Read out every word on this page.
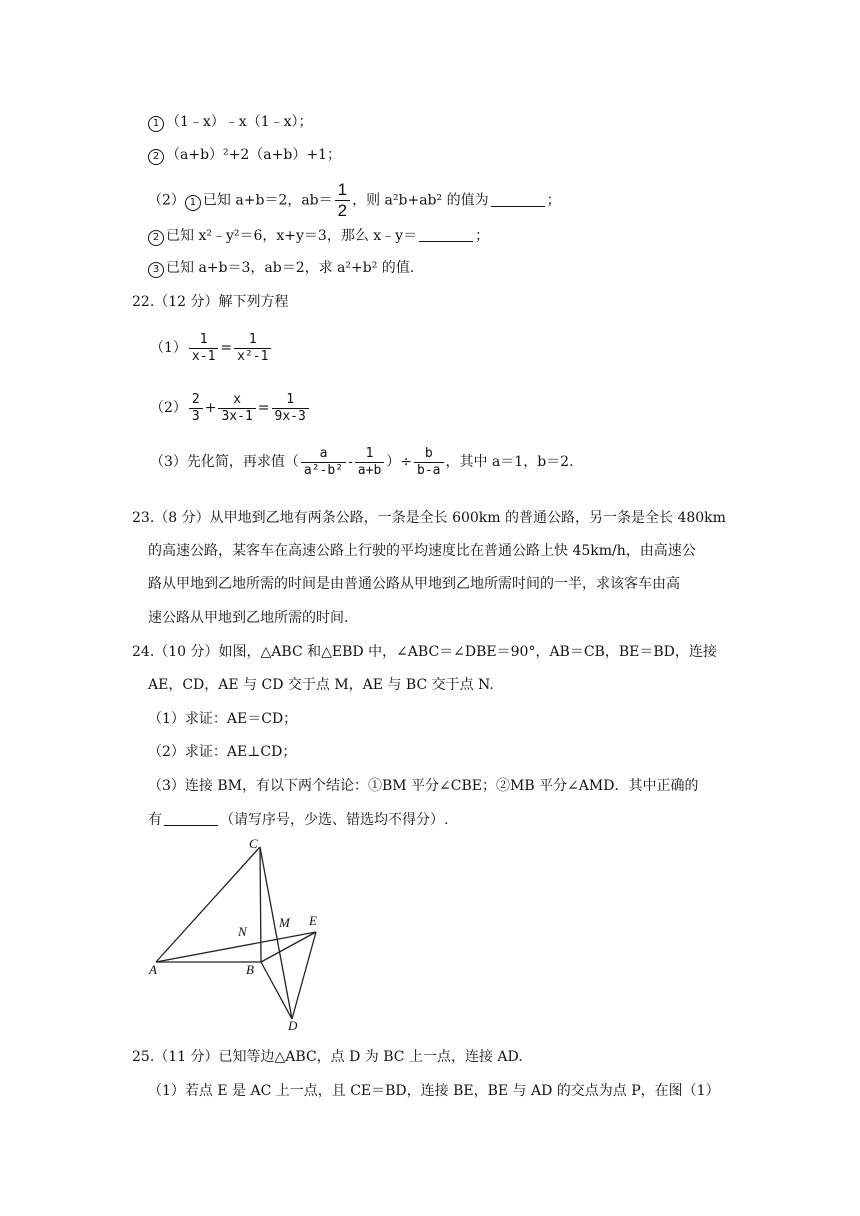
1 （1﹣x）﹣x（1﹣x）；
2 （a+b）²+2（a+b）+1；
（2） 1 已知 a+b＝2，$ab= \frac{1}{2}$ ，则 a²b+ab² 的值为	；
2 已知 x²﹣y²＝6，x+y＝3，那么 x﹣y＝	；
3 已知 a+b＝3，ab＝2，求 a²+b² 的值.
22.（12 分）解下列方程
$(1) \frac{1}{x-1} = \frac{1}{\text{x²-1}}$
$(2) \frac{2}{3} + \frac{x}{3x-1} = \frac{1}{9x-3}$
（3）先化简，再求值（ $\frac{a}{\text{a²-b²}} - \frac{1}{a+b}$ ）÷ $\frac{b}{b-a}$ ，其中 a＝1，b＝2.
23.（8 分）从甲地到乙地有两条公路，一条是全长 600km 的普通公路，另一条是全长 480km
的高速公路，某客车在高速公路上行驶的平均速度比在普通公路上快 45km/h，由高速公
路从甲地到乙地所需的时间是由普通公路从甲地到乙地所需时间的一半，求该客车由高
速公路从甲地到乙地所需的时间.
24.（10 分）如图，△ABC 和△EBD 中，∠ABC＝∠DBE＝90°，AB＝CB，BE＝BD，连接
AE，CD，AE 与 CD 交于点 M，AE 与 BC 交于点 N.
（1）求证：AE＝CD；
（2）求证：AE⊥CD；
（3）连接 BM，有以下两个结论：①BM 平分∠CBE；②MB 平分∠AMD．其中正确的
有	（请写序号，少选、错选均不得分）.
C
N
M E
A	B
D
25.（11 分）已知等边△ABC，点 D 为 BC 上一点，连接 AD.
（1）若点 E 是 AC 上一点，且 CE＝BD，连接 BE，BE 与 AD 的交点为点 P，在图（1）
